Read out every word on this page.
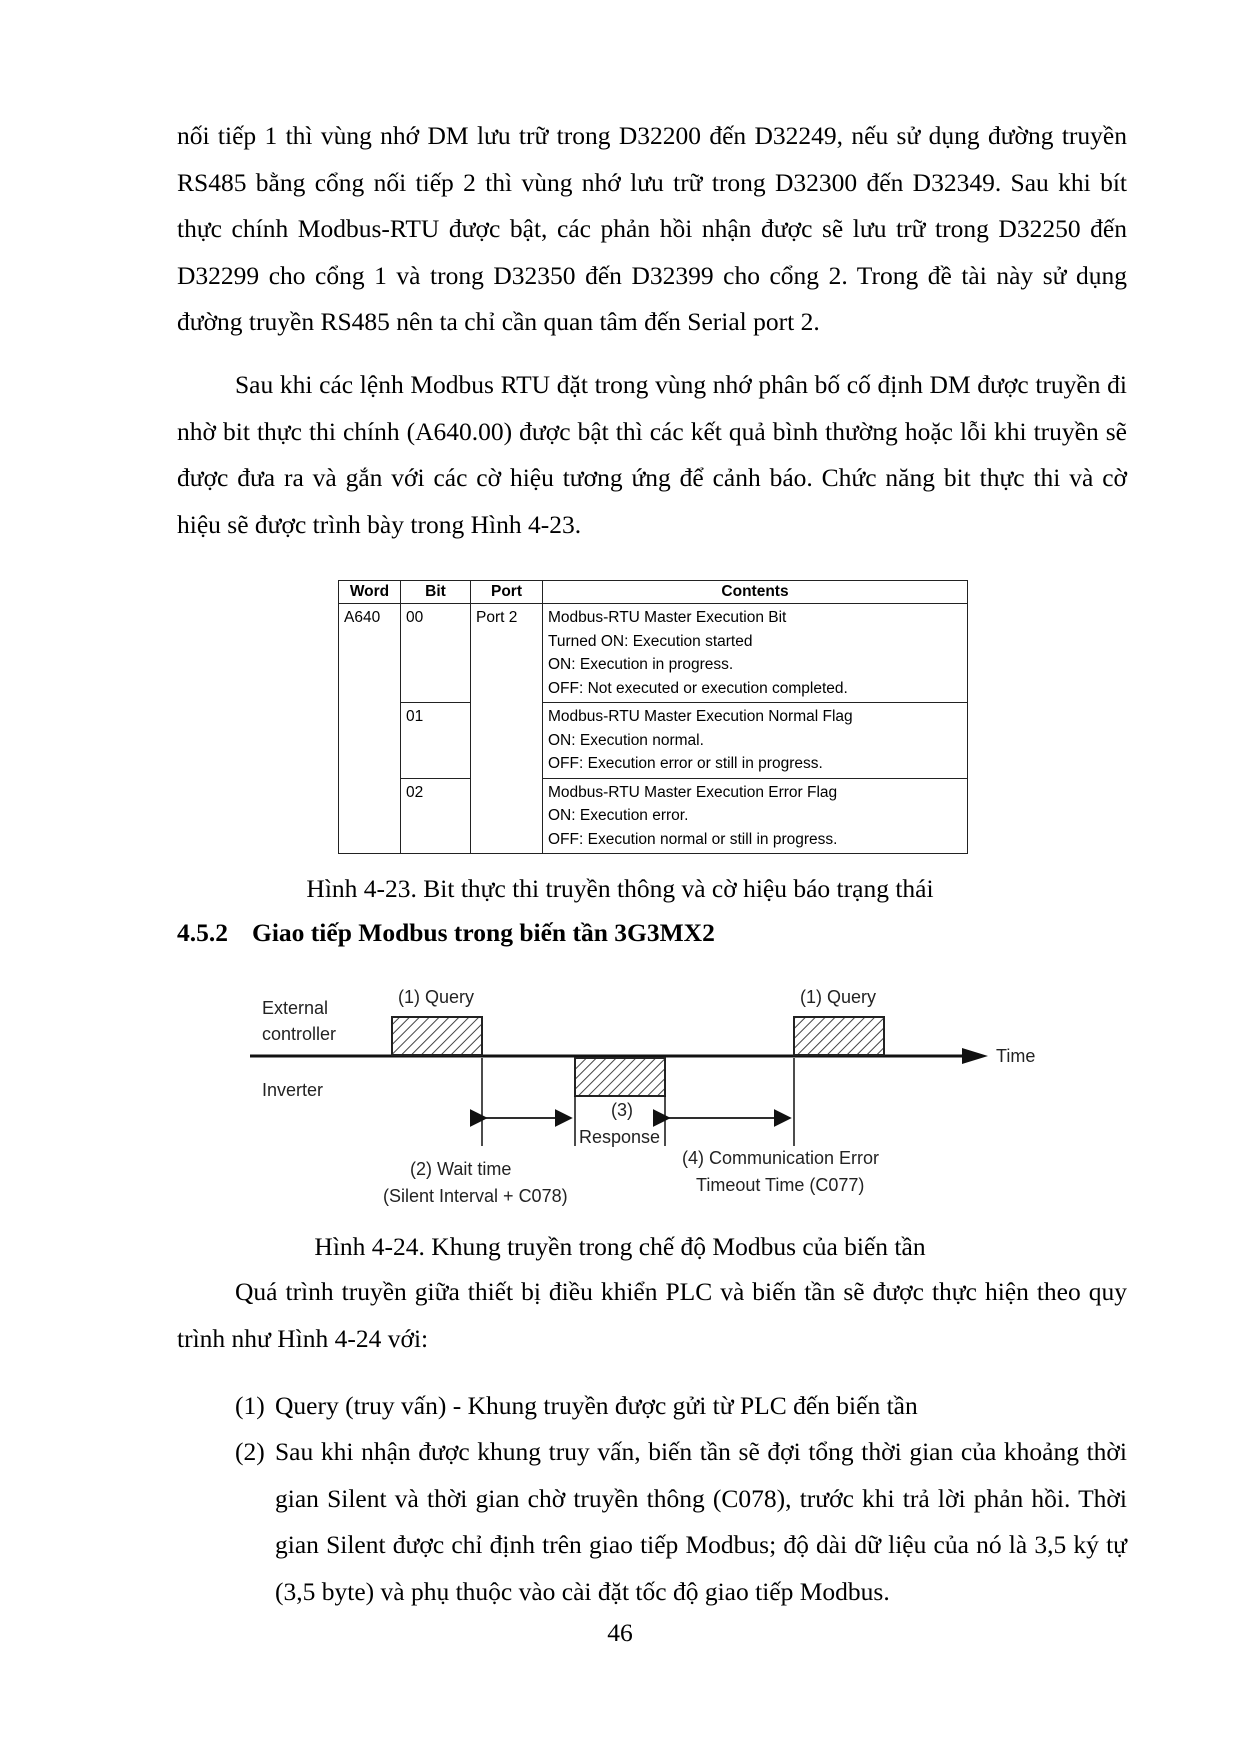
nối tiếp 1 thì vùng nhớ DM lưu trữ trong D32200 đến D32249, nếu sử dụng đường truyền RS485 bằng cổng nối tiếp 2 thì vùng nhớ lưu trữ trong D32300 đến D32349. Sau khi bít thực chính Modbus-RTU được bật, các phản hồi nhận được sẽ lưu trữ trong D32250 đến D32299 cho cổng 1 và trong D32350 đến D32399 cho cổng 2. Trong đề tài này sử dụng đường truyền RS485 nên ta chỉ cần quan tâm đến Serial port 2.

Sau khi các lệnh Modbus RTU đặt trong vùng nhớ phân bố cố định DM được truyền đi nhờ bit thực thi chính (A640.00) được bật thì các kết quả bình thường hoặc lỗi khi truyền sẽ được đưa ra và gắn với các cờ hiệu tương ứng để cảnh báo. Chức năng bit thực thi và cờ hiệu sẽ được trình bày trong Hình 4-23.

Word	Bit	Port	Contents
A640	00	Port 2	Modbus-RTU Master Execution Bit
Turned ON: Execution started
ON: Execution in progress.
OFF: Not executed or execution completed.

	01		Modbus-RTU Master Execution Normal Flag
ON: Execution normal.
OFF: Execution error or still in progress.

	02		Modbus-RTU Master Execution Error Flag
ON: Execution error.
OFF: Execution normal or still in progress.

Hình 4-23. Bit thực thi truyền thông và cờ hiệu báo trạng thái

4.5.2 Giao tiếp Modbus trong biến tần 3G3MX2

Time
External
controller
Inverter
(1) Query	(1) Query
(3)
Response
(2) Wait time
(Silent Interval + C078)
(4) Communication Error
Timeout Time (C077)

Hình 4-24. Khung truyền trong chế độ Modbus của biến tần

Quá trình truyền giữa thiết bị điều khiển PLC và biến tần sẽ được thực hiện theo quy trình như Hình 4-24 với:

(1) Query (truy vấn) - Khung truyền được gửi từ PLC đến biến tần
(2) Sau khi nhận được khung truy vấn, biến tần sẽ đợi tổng thời gian của khoảng thời gian Silent và thời gian chờ truyền thông (C078), trước khi trả lời phản hồi. Thời gian Silent được chỉ định trên giao tiếp Modbus; độ dài dữ liệu của nó là 3,5 ký tự (3,5 byte) và phụ thuộc vào cài đặt tốc độ giao tiếp Modbus.
46
